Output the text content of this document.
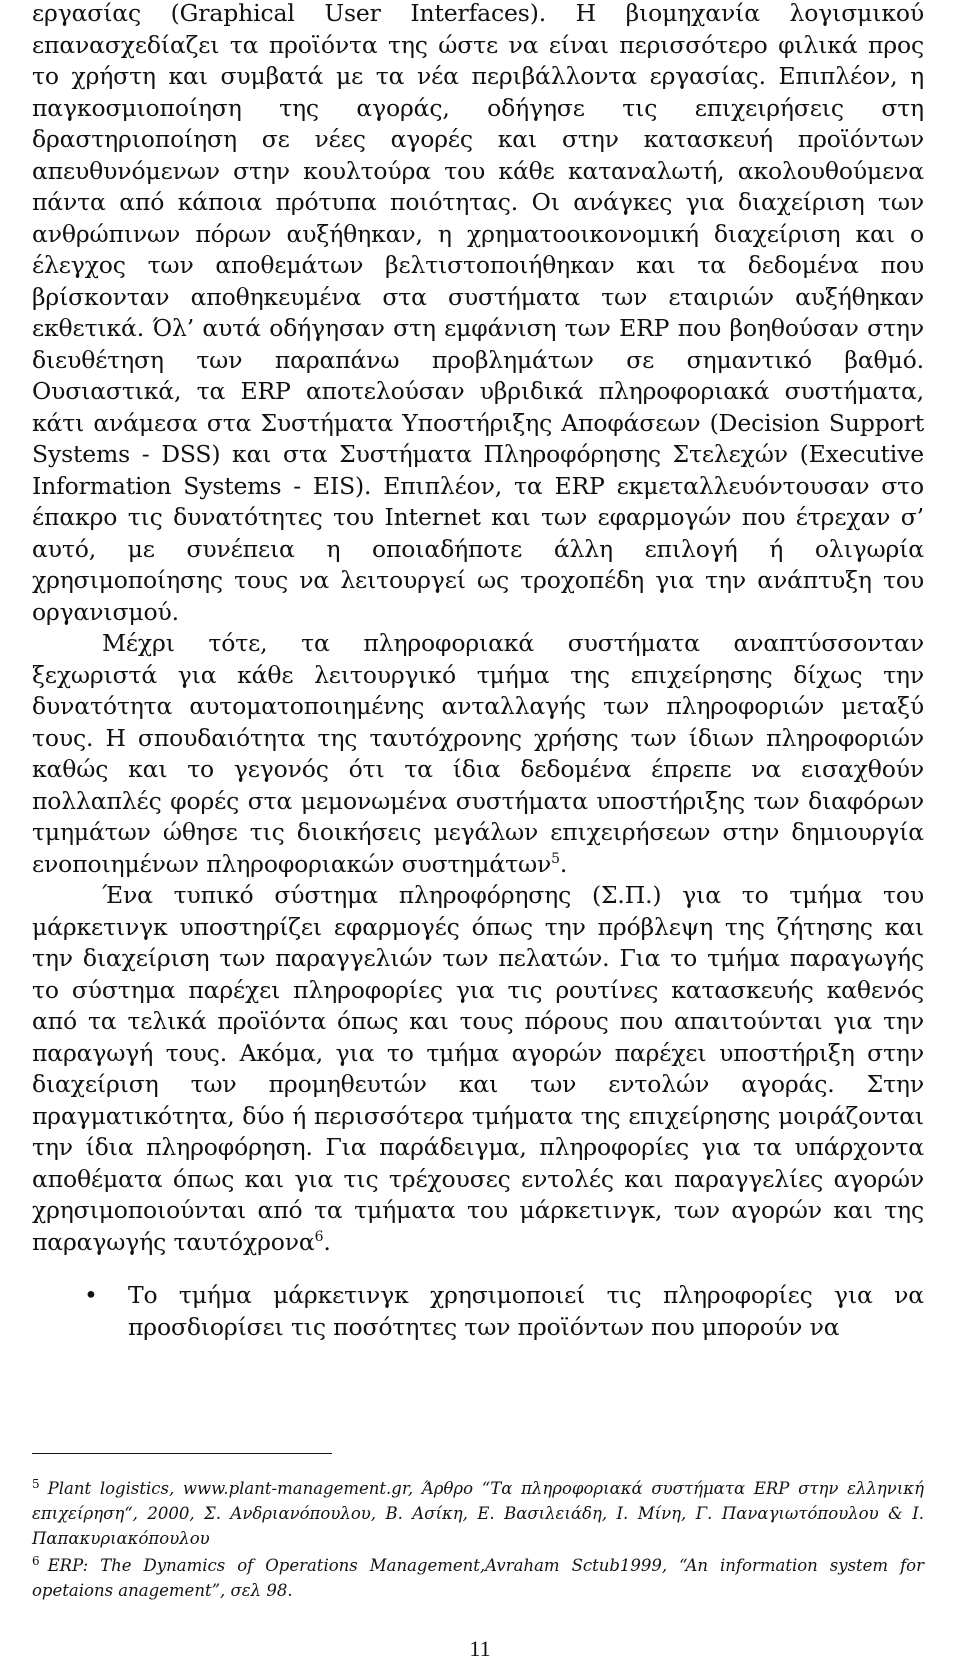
εργασίας (Graphical User Interfaces). Η βιομηχανία λογισμικού επανασχεδίαζει τα προϊόντα της ώστε να είναι περισσότερο φιλικά προς το χρήστη και συμβατά με τα νέα περιβάλλοντα εργασίας. Επιπλέον, η παγκοσμιοποίηση της αγοράς, οδήγησε τις επιχειρήσεις στη δραστηριοποίηση σε νέες αγορές και στην κατασκευή προϊόντων απευθυνόμενων στην κουλτούρα του κάθε καταναλωτή, ακολουθούμενα πάντα από κάποια πρότυπα ποιότητας. Οι ανάγκες για διαχείριση των ανθρώπινων πόρων αυξήθηκαν, η χρηματοοικονομική διαχείριση και ο έλεγχος των αποθεμάτων βελτιστοποιήθηκαν και τα δεδομένα που βρίσκονταν αποθηκευμένα στα συστήματα των εταιριών αυξήθηκαν εκθετικά. Όλ’ αυτά οδήγησαν στη εμφάνιση των ERP που βοηθούσαν στην διευθέτηση των παραπάνω προβλημάτων σε σημαντικό βαθμό. Ουσιαστικά, τα ERP αποτελούσαν υβριδικά πληροφοριακά συστήματα, κάτι ανάμεσα στα Συστήματα Υποστήριξης Αποφάσεων (Decision Support Systems - DSS) και στα Συστήματα Πληροφόρησης Στελεχών (Executive Information Systems - EIS). Επιπλέον, τα ERP εκμεταλλευόντουσαν στο έπακρο τις δυνατότητες του Internet και των εφαρμογών που έτρεχαν σ’ αυτό, με συνέπεια η οποιαδήποτε άλλη επιλογή ή ολιγωρία χρησιμοποίησης τους να λειτουργεί ως τροχοπέδη για την ανάπτυξη του οργανισμού.

Μέχρι τότε, τα πληροφοριακά συστήματα αναπτύσσονταν ξεχωριστά για κάθε λειτουργικό τμήμα της επιχείρησης δίχως την δυνατότητα αυτοματοποιημένης ανταλλαγής των πληροφοριών μεταξύ τους. Η σπουδαιότητα της ταυτόχρονης χρήσης των ίδιων πληροφοριών καθώς και το γεγονός ότι τα ίδια δεδομένα έπρεπε να εισαχθούν πολλαπλές φορές στα μεμονωμένα συστήματα υποστήριξης των διαφόρων τμημάτων ώθησε τις διοικήσεις μεγάλων επιχειρήσεων στην δημιουργία ενοποιημένων πληροφοριακών συστημάτων$^5$.

Ένα τυπικό σύστημα πληροφόρησης (Σ.Π.) για το τμήμα του μάρκετινγκ υποστηρίζει εφαρμογές όπως την πρόβλεψη της ζήτησης και την διαχείριση των παραγγελιών των πελατών. Για το τμήμα παραγωγής το σύστημα παρέχει πληροφορίες για τις ρουτίνες κατασκευής καθενός από τα τελικά προϊόντα όπως και τους πόρους που απαιτούνται για την παραγωγή τους. Ακόμα, για το τμήμα αγορών παρέχει υποστήριξη στην διαχείριση των προμηθευτών και των εντολών αγοράς. Στην πραγματικότητα, δύο ή περισσότερα τμήματα της επιχείρησης μοιράζονται την ίδια πληροφόρηση. Για παράδειγμα, πληροφορίες για τα υπάρχοντα αποθέματα όπως και για τις τρέχουσες εντολές και παραγγελίες αγορών χρησιμοποιούνται από τα τμήματα του μάρκετινγκ, των αγορών και της παραγωγής ταυτόχρονα$^6$.

• Το τμήμα μάρκετινγκ χρησιμοποιεί τις πληροφορίες για να προσδιορίσει τις ποσότητες των προϊόντων που μπορούν να

$^5$ Plant logistics, www.plant-management.gr, Άρθρο “Τα πληροφοριακά συστήματα ERP στην ελληνική επιχείρηση“, 2000, Σ. Ανδριανόπουλου, Β. Ασίκη, Ε. Βασιλειάδη, Ι. Μίνη, Γ. Παναγιωτόπουλου & Ι. Παπακυριακόπουλου

$^6$ ERP: The Dynamics of Operations Management,Avraham Sctub1999, “An information system for opetaions anagement”, σελ 98.

11
